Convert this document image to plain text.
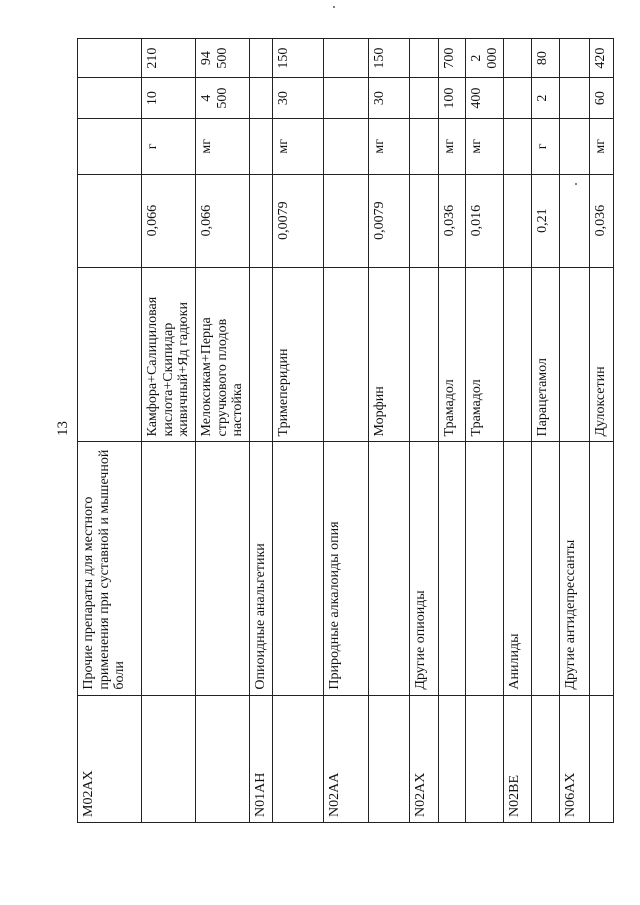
13
M02AX	Прочие препараты для местного применения при суставной и мышечной боли					
		Камфора+Салициловая кислота+Скипидар живичный+Яд гадюки	0,066	г	10	210
		Мелоксикам+Перца стручкового плодов настойка	0,066	мг	4 500	94 500
N01AH	Опиоидные анальгетики					
		Тримеперидин	0,0079	мг	30	150
N02AA	Природные алкалоиды опия					
		Морфин	0,0079	мг	30	150
N02AX	Другие опиоиды					
		Трамадол	0,036	мг	100	700
		Трамадол	0,016	мг	400	2 000
N02BE	Анилиды					
		Парацетамол	0,21	г	2	80
N06AX	Другие антидепрессанты					
		Дулоксетин	0,036	мг	60	420
